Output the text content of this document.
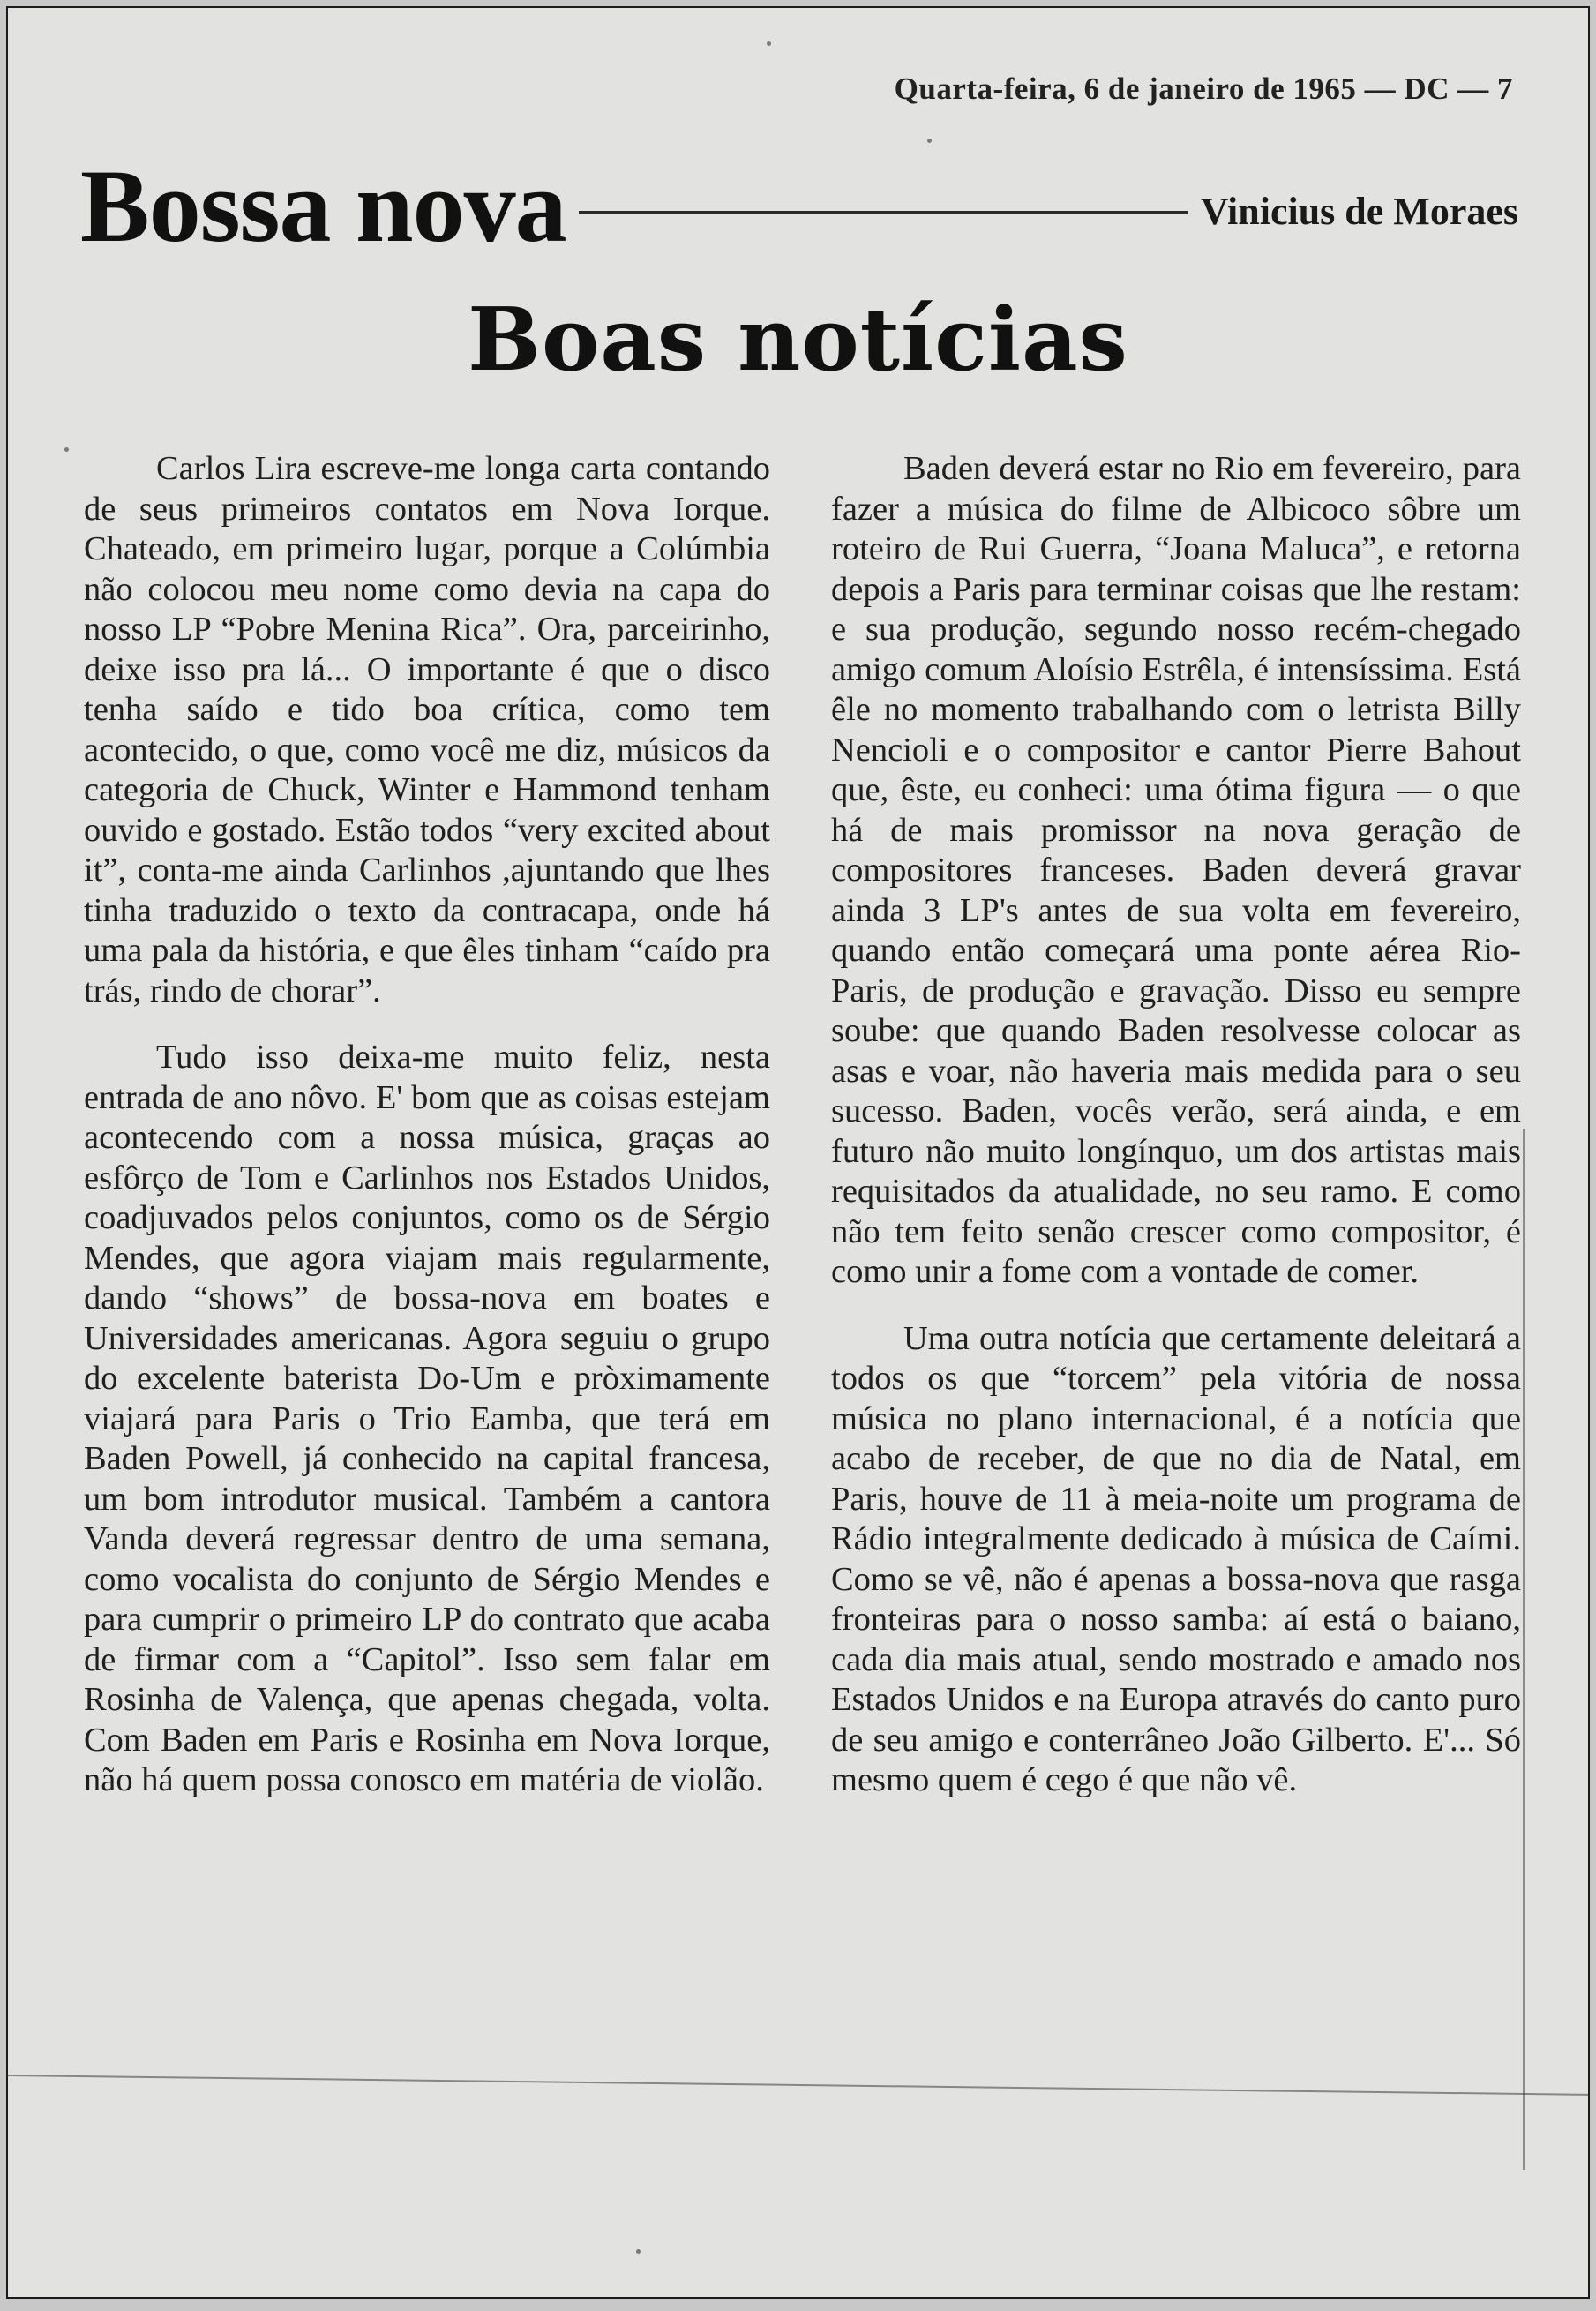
Quarta-feira, 6 de janeiro de 1965 — DC — 7
Bossa nova	Vinicius de Moraes
Boas notícias

Carlos Lira escreve-me longa carta contando de seus primeiros contatos em Nova Iorque. Chateado, em primeiro lugar, porque a Colúmbia não colocou meu nome como devia na capa do nosso LP “Pobre Menina Rica”. Ora, parceirinho, deixe isso pra lá... O importante é que o disco tenha saído e tido boa crítica, como tem acontecido, o que, como você me diz, músicos da categoria de Chuck, Winter e Hammond tenham ouvido e gostado. Estão todos “very excited about it”, conta-me ainda Carlinhos ,ajuntando que lhes tinha traduzido o texto da contracapa, onde há uma pala da história, e que êles tinham “caído pra trás, rindo de chorar”.

Tudo isso deixa-me muito feliz, nesta entrada de ano nôvo. E' bom que as coisas estejam acontecendo com a nossa música, graças ao esfôrço de Tom e Carlinhos nos Estados Unidos, coadjuvados pelos conjuntos, como os de Sérgio Mendes, que agora viajam mais regularmente, dando “shows” de bossa-nova em boates e Universidades americanas. Agora seguiu o grupo do excelente baterista Do-Um e pròximamente viajará para Paris o Trio Eamba, que terá em Baden Powell, já conhecido na capital francesa, um bom introdutor musical. Também a cantora Vanda deverá regressar dentro de uma semana, como vocalista do conjunto de Sérgio Mendes e para cumprir o primeiro LP do contrato que acaba de firmar com a “Capitol”. Isso sem falar em Rosinha de Valença, que apenas chegada, volta. Com Baden em Paris e Rosinha em Nova Iorque, não há quem possa conosco em matéria de violão.

Baden deverá estar no Rio em fevereiro, para fazer a música do filme de Albicoco sôbre um roteiro de Rui Guerra, “Joana Maluca”, e retorna depois a Paris para terminar coisas que lhe restam: e sua produção, segundo nosso recém-chegado amigo comum Aloísio Estrêla, é intensíssima. Está êle no momento trabalhando com o letrista Billy Nencioli e o compositor e cantor Pierre Bahout que, êste, eu conheci: uma ótima figura — o que há de mais promissor na nova geração de compositores franceses. Baden deverá gravar ainda 3 LP's antes de sua volta em fevereiro, quando então começará uma ponte aérea Rio-Paris, de produção e gravação. Disso eu sempre soube: que quando Baden resolvesse colocar as asas e voar, não haveria mais medida para o seu sucesso. Baden, vocês verão, será ainda, e em futuro não muito longínquo, um dos artistas mais requisitados da atualidade, no seu ramo. E como não tem feito senão crescer como compositor, é como unir a fome com a vontade de comer.

Uma outra notícia que certamente deleitará a todos os que “torcem” pela vitória de nossa música no plano internacional, é a notícia que acabo de receber, de que no dia de Natal, em Paris, houve de 11 à meia-noite um programa de Rádio integralmente dedicado à música de Caími. Como se vê, não é apenas a bossa-nova que rasga fronteiras para o nosso samba: aí está o baiano, cada dia mais atual, sendo mostrado e amado nos Estados Unidos e na Europa através do canto puro de seu amigo e conterrâneo João Gilberto. E'... Só mesmo quem é cego é que não vê.
